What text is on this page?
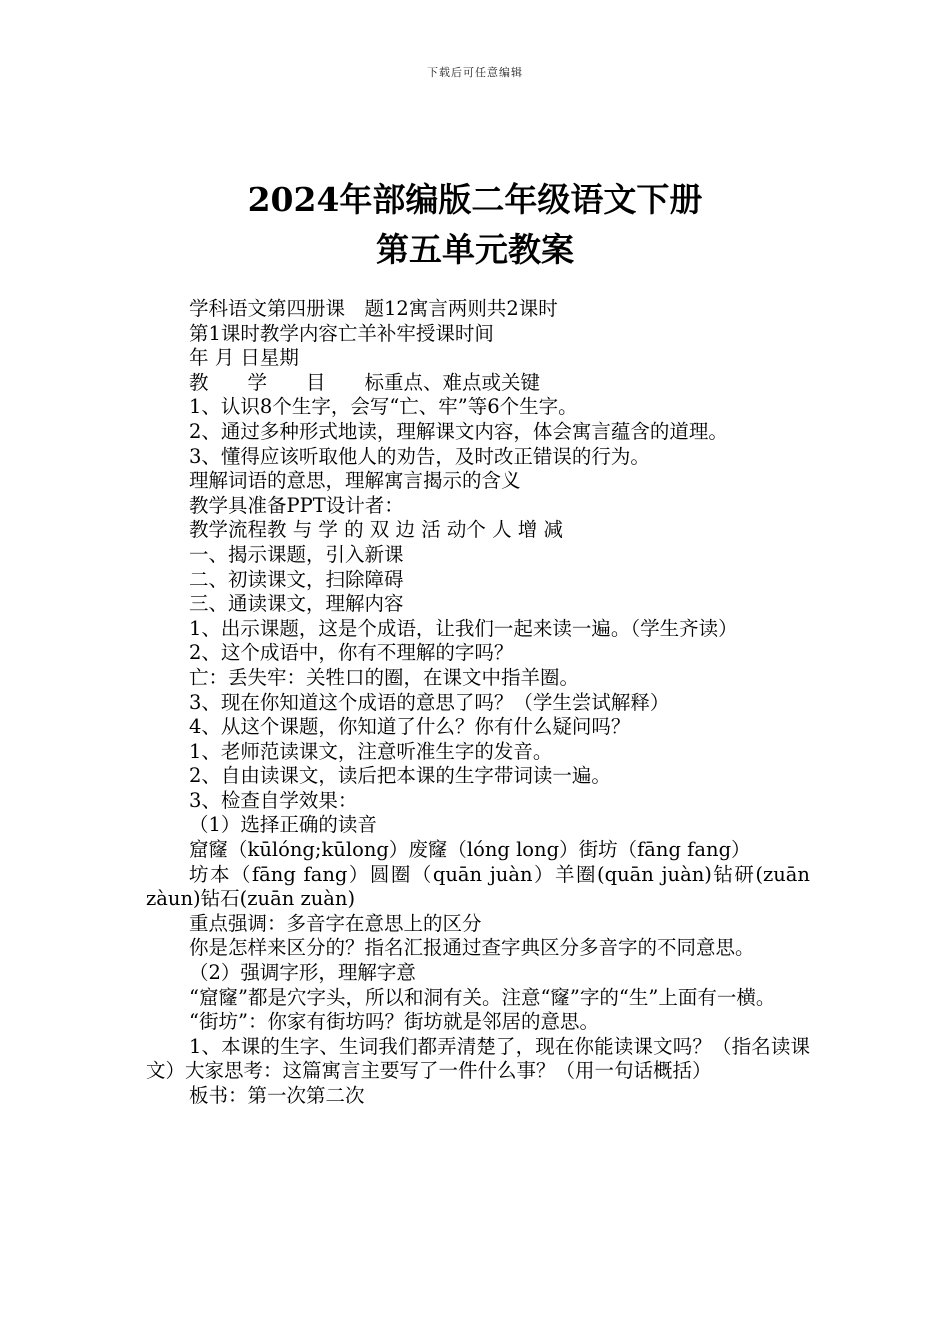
下载后可任意编辑
2024年部编版二年级语文下册
第五单元教案

学科语文第四册课　题12寓言两则共2课时

第1课时教学内容亡羊补牢授课时间

年 月 日星期

教　　学　　目　　标重点、难点或关键

1、认识8个生字，会写“亡、牢”等6个生字。

2、通过多种形式地读，理解课文内容，体会寓言蕴含的道理。

3、懂得应该听取他人的劝告，及时改正错误的行为。

理解词语的意思，理解寓言揭示的含义

教学具准备PPT设计者：

教学流程教 与 学 的 双 边 活 动个 人 增 减

一、揭示课题，引入新课

二、初读课文，扫除障碍

三、通读课文，理解内容

1、出示课题，这是个成语，让我们一起来读一遍。（学生齐读）

2、这个成语中，你有不理解的字吗？

亡：丢失牢：关牲口的圈，在课文中指羊圈。

3、现在你知道这个成语的意思了吗？（学生尝试解释）

4、从这个课题，你知道了什么？你有什么疑问吗？

1、老师范读课文，注意听准生字的发音。

2、自由读课文，读后把本课的生字带词读一遍。

3、检查自学效果：

（1）选择正确的读音

窟窿（kūlóng;kūlong）废窿（lóng long）街坊（fāng fang）

坊本（fāng fang）圆圈（quān juàn）羊圈(quān juàn)钻研(zuān zàun)钻石(zuān zuàn)

重点强调：多音字在意思上的区分

你是怎样来区分的？指名汇报通过查字典区分多音字的不同意思。

（2）强调字形，理解字意

“窟窿”都是穴字头，所以和洞有关。注意“窿”字的“生”上面有一横。

“街坊”：你家有街坊吗？街坊就是邻居的意思。

1、本课的生字、生词我们都弄清楚了，现在你能读课文吗？（指名读课文）大家思考：这篇寓言主要写了一件什么事？（用一句话概括）

板书：第一次第二次
